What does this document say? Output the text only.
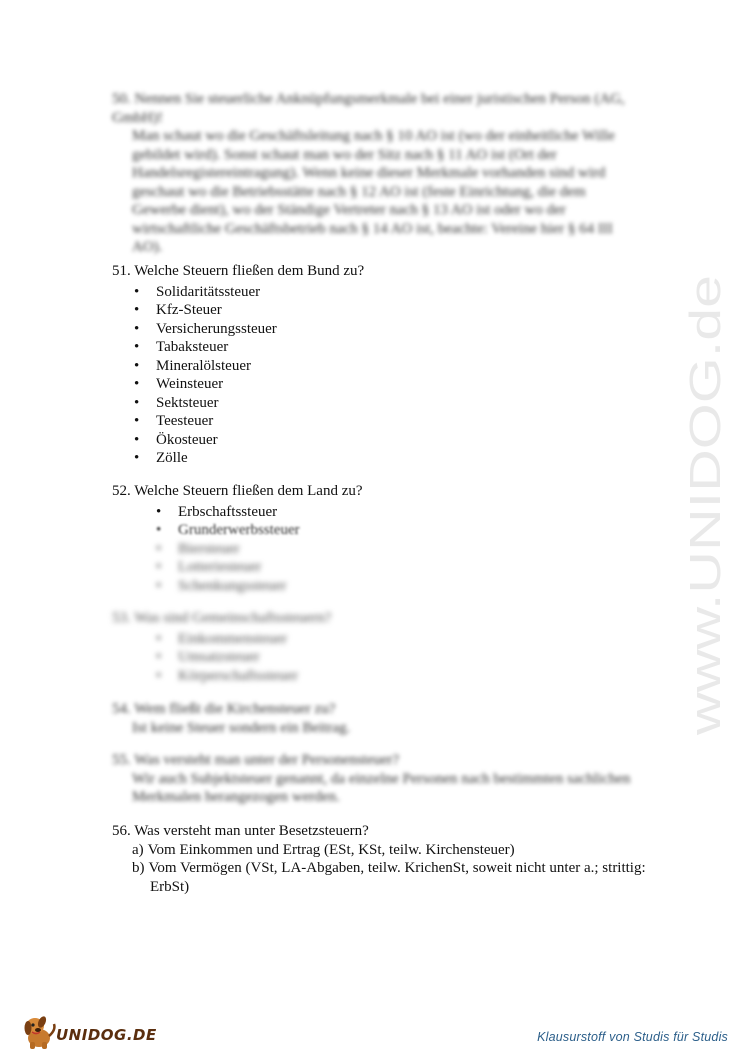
50. Nennen Sie steuerliche Anknüpfungsmerkmale bei einer juristischen Person (AG, GmbH)!
Man schaut wo die Geschäftsleitung nach § 10 AO ist (wo der einheitliche Wille
gebildet wird). Sonst schaut man wo der Sitz nach § 11 AO ist (Ort der
Handelsregistereintragung). Wenn keine dieser Merkmale vorhanden sind wird
geschaut wo die Betriebsstätte nach § 12 AO ist (feste Einrichtung, die dem
Gewerbe dient), wo der Ständige Vertreter nach § 13 AO ist oder wo der
wirtschaftliche Geschäftsbetrieb nach § 14 AO ist, beachte: Vereine hier § 64 III
AO).
51. Welche Steuern fließen dem Bund zu?
• Solidaritätssteuer
• Kfz-Steuer
• Versicherungssteuer
• Tabaksteuer
• Mineralölsteuer
• Weinsteuer
• Sektsteuer
• Teesteuer
• Ökosteuer
• Zölle
52. Welche Steuern fließen dem Land zu?
• Erbschaftssteuer
• Grunderwerbssteuer
• Biersteuer
• Lotteriesteuer
• Schenkungssteuer
53. Was sind Gemeinschaftssteuern?
• Einkommensteuer
• Umsatzsteuer
• Körperschaftssteuer
54. Wem fließt die Kirchensteuer zu?
Ist keine Steuer sondern ein Beitrag.
55. Was versteht man unter der Personensteuer?
Wir auch Subjektsteuer genannt, da einzelne Personen nach bestimmten sachlichen
Merkmalen herangezogen werden.
56. Was versteht man unter Besetzsteuern?
a) Vom Einkommen und Ertrag (ESt, KSt, teilw. Kirchensteuer)
b) Vom Vermögen (VSt, LA-Abgaben, teilw. KrichenSt, soweit nicht unter a.; strittig:
ErbSt)
www.UNIDOG.de
UNIDOG.DE	Klausurstoff von Studis für Studis
